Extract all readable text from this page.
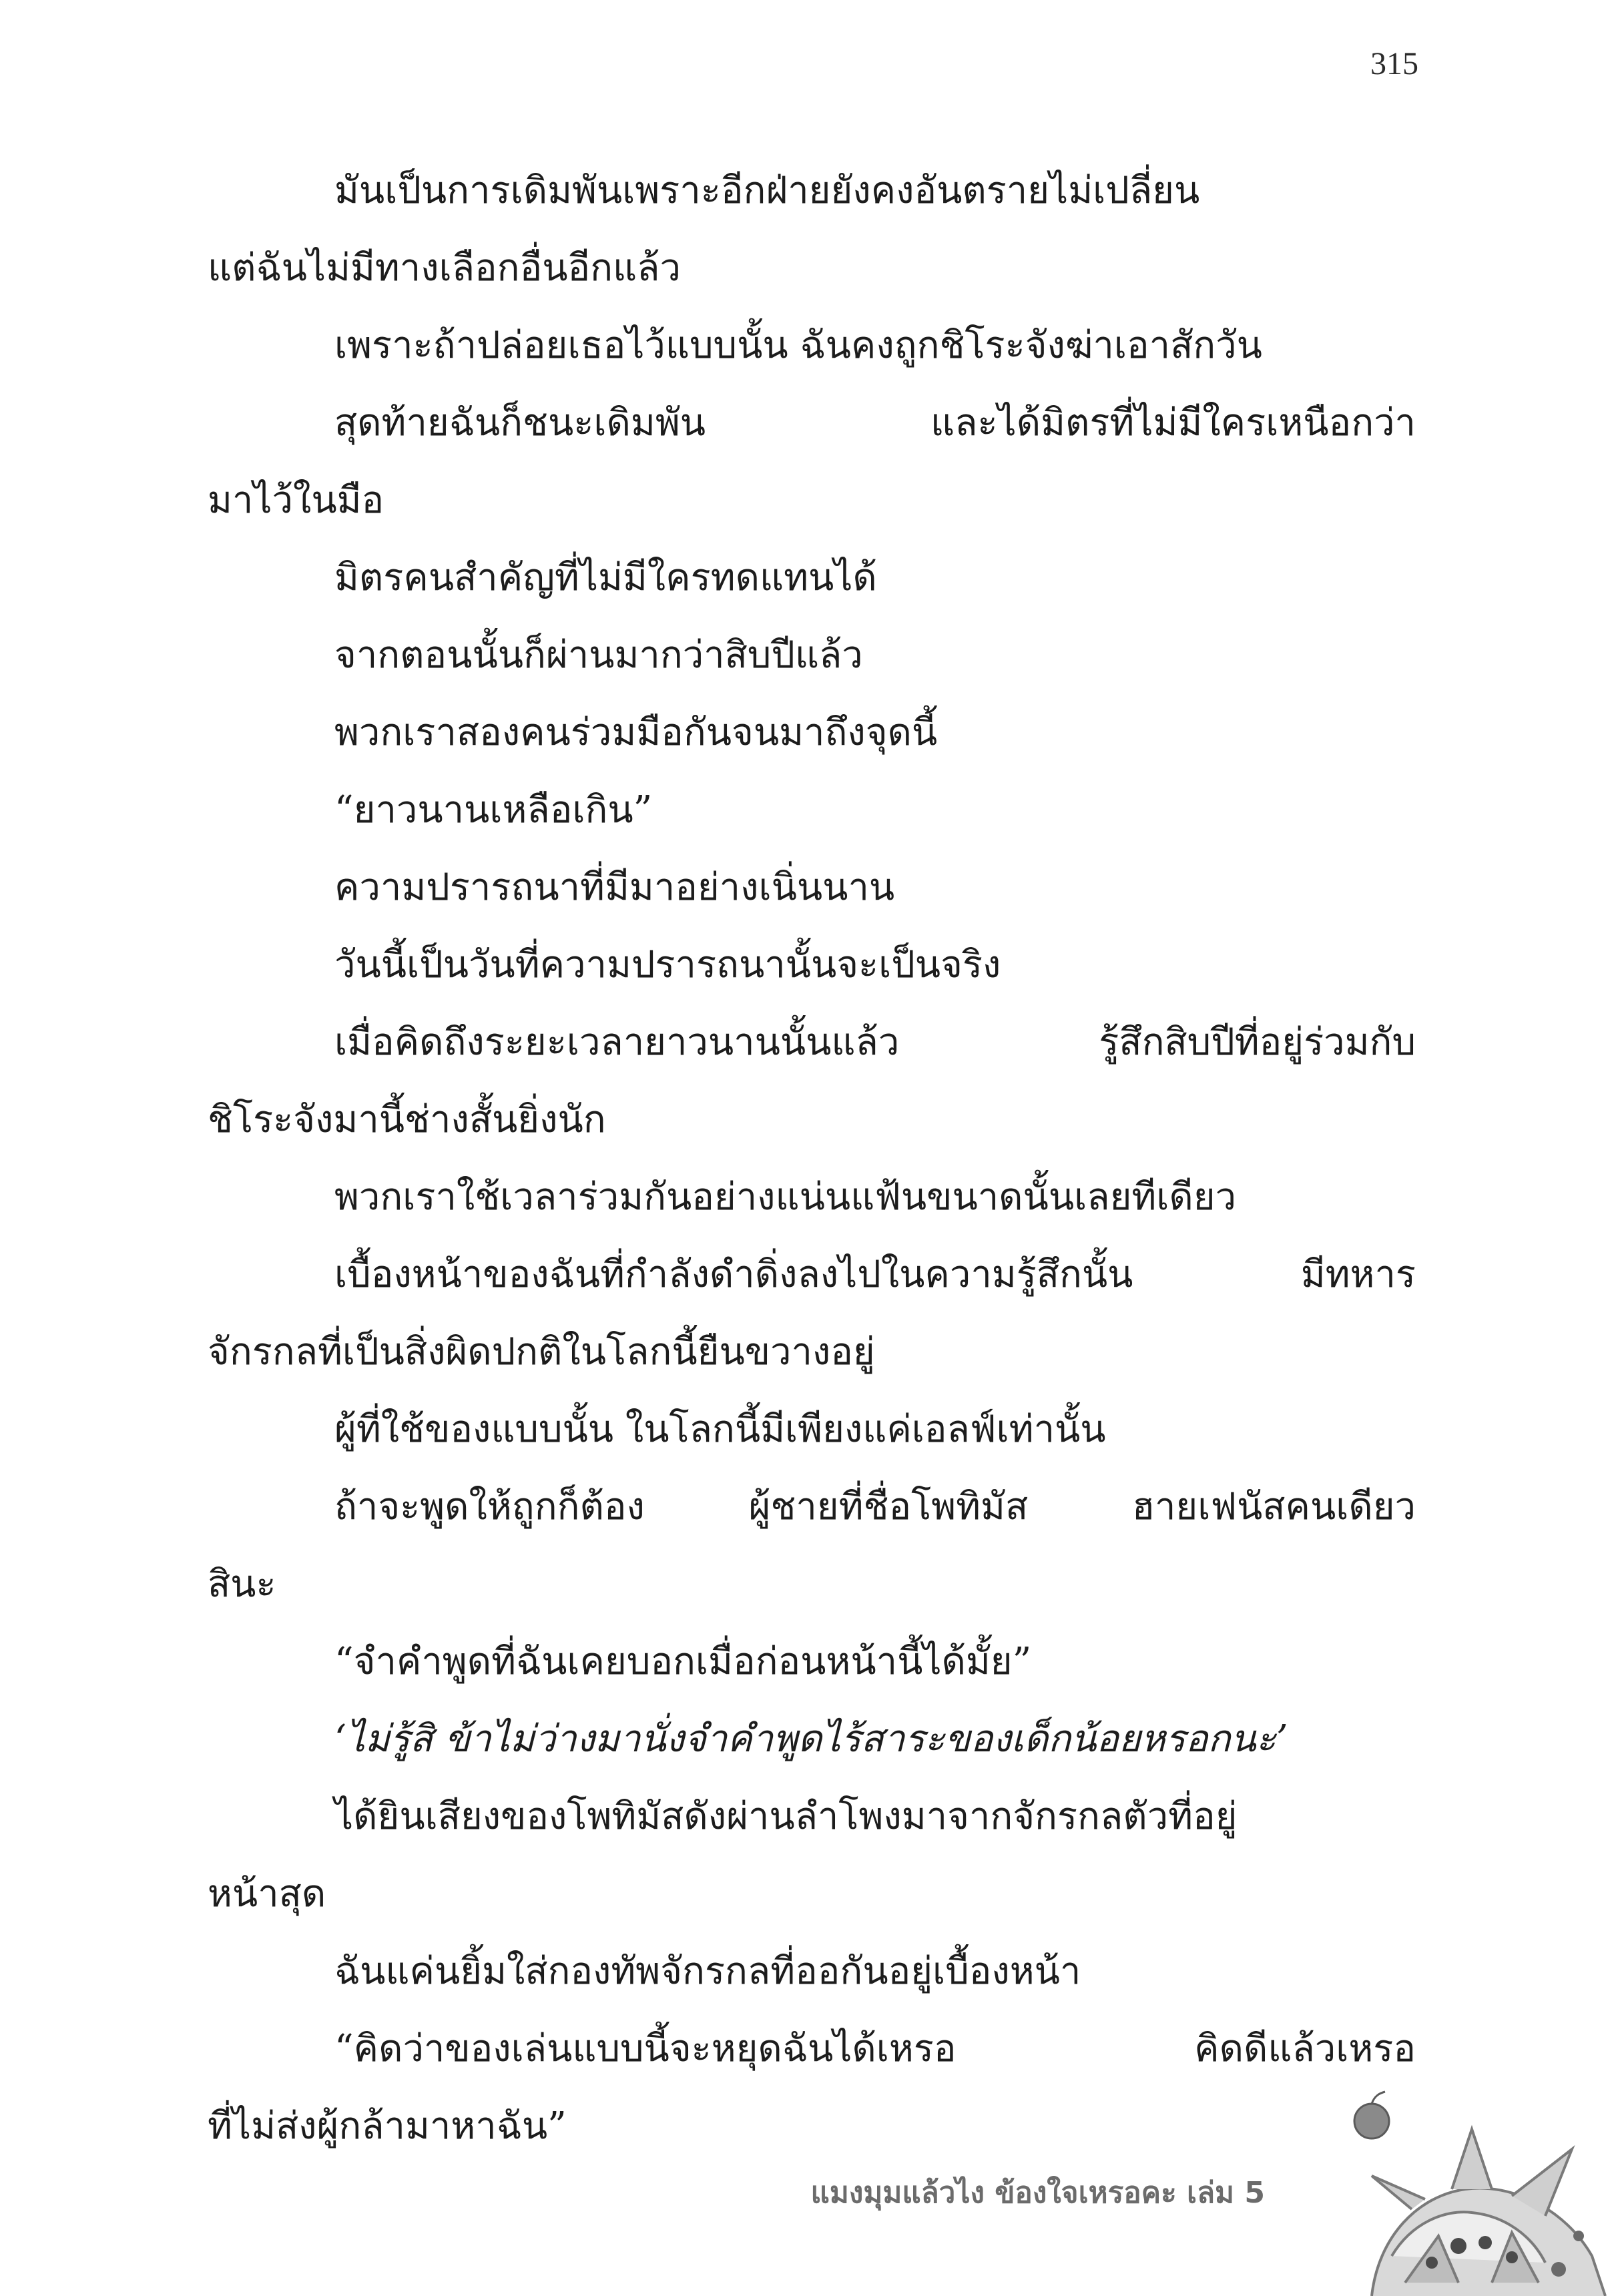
315
มันเป็นการเดิมพันเพราะอีกฝ่ายยังคงอันตรายไม่เปลี่ยน
แต่ฉันไม่มีทางเลือกอื่นอีกแล้ว
เพราะถ้าปล่อยเธอไว้แบบนั้น ฉันคงถูกชิโระจังฆ่าเอาสักวัน
สุดท้ายฉันก็ชนะเดิมพัน และได้มิตรที่ไม่มีใครเหนือกว่า
มาไว้ในมือ
มิตรคนสำคัญที่ไม่มีใครทดแทนได้
จากตอนนั้นก็ผ่านมากว่าสิบปีแล้ว
พวกเราสองคนร่วมมือกันจนมาถึงจุดนี้
“ยาวนานเหลือเกิน”
ความปรารถนาที่มีมาอย่างเนิ่นนาน
วันนี้เป็นวันที่ความปรารถนานั้นจะเป็นจริง
เมื่อคิดถึงระยะเวลายาวนานนั้นแล้ว รู้สึกสิบปีที่อยู่ร่วมกับ
ชิโระจังมานี้ช่างสั้นยิ่งนัก
พวกเราใช้เวลาร่วมกันอย่างแน่นแฟ้นขนาดนั้นเลยทีเดียว
เบื้องหน้าของฉันที่กำลังดำดิ่งลงไปในความรู้สึกนั้น มีทหาร
จักรกลที่เป็นสิ่งผิดปกติในโลกนี้ยืนขวางอยู่
ผู้ที่ใช้ของแบบนั้น ในโลกนี้มีเพียงแค่เอลฟ์เท่านั้น
ถ้าจะพูดให้ถูกก็ต้อง ผู้ชายที่ชื่อโพทิมัส ฮายเฟนัสคนเดียว
สินะ
“จำคำพูดที่ฉันเคยบอกเมื่อก่อนหน้านี้ได้มั้ย”
‘ไม่รู้สิ ข้าไม่ว่างมานั่งจำคำพูดไร้สาระของเด็กน้อยหรอกนะ’
ได้ยินเสียงของโพทิมัสดังผ่านลำโพงมาจากจักรกลตัวที่อยู่
หน้าสุด
ฉันแค่นยิ้มใส่กองทัพจักรกลที่ออกันอยู่เบื้องหน้า
“คิดว่าของเล่นแบบนี้จะหยุดฉันได้เหรอ คิดดีแล้วเหรอ
ที่ไม่ส่งผู้กล้ามาหาฉัน”
แมงมุมแล้วไง ข้องใจเหรอคะ เล่ม 5
